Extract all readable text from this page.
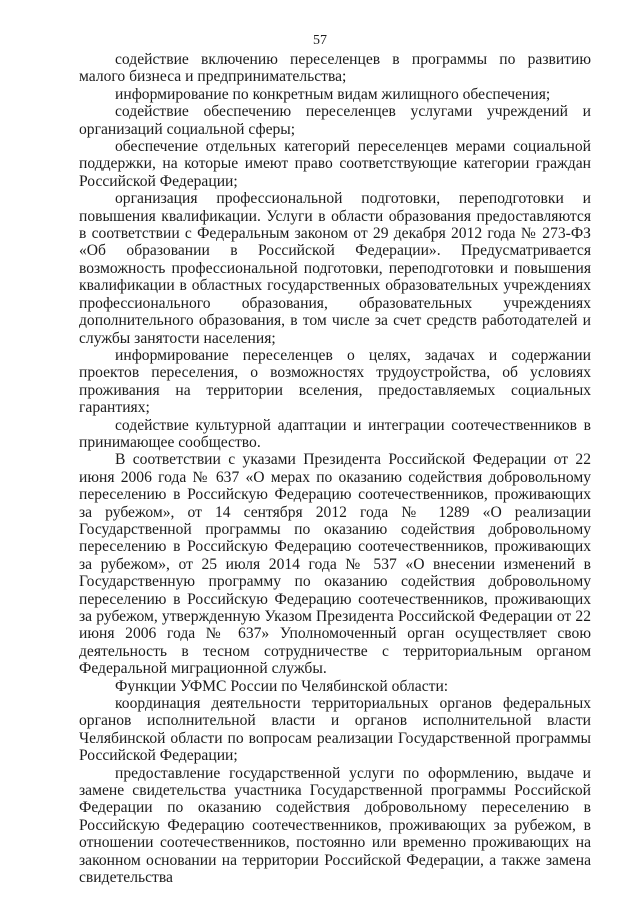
57

содействие включению переселенцев в программы по развитию малого бизнеса и предпринимательства;

информирование по конкретным видам жилищного обеспечения;

содействие обеспечению переселенцев услугами учреждений и организаций социальной сферы;

обеспечение отдельных категорий переселенцев мерами социальной поддержки, на которые имеют право соответствующие категории граждан Российской Федерации;

организация профессиональной подготовки, переподготовки и повышения квалификации. Услуги в области образования предоставляются в соответствии с Федеральным законом от 29 декабря 2012 года № 273-ФЗ «Об образовании в Российской Федерации». Предусматривается возможность профессиональной подготовки, переподготовки и повышения квалификации в областных государственных образовательных учреждениях профессионального образования, образовательных учреждениях дополнительного образования, в том числе за счет средств работодателей и службы занятости населения;

информирование переселенцев о целях, задачах и содержании проектов переселения, о возможностях трудоустройства, об условиях проживания на территории вселения, предоставляемых социальных гарантиях;

содействие культурной адаптации и интеграции соотечественников в принимающее сообщество.

В соответствии с указами Президента Российской Федерации от 22 июня 2006 года № 637 «О мерах по оказанию содействия добровольному переселению в Российскую Федерацию соотечественников, проживающих за рубежом», от 14 сентября 2012 года № 1289 «О реализации Государственной программы по оказанию содействия добровольному переселению в Российскую Федерацию соотечественников, проживающих за рубежом», от 25 июля 2014 года № 537 «О внесении изменений в Государственную программу по оказанию содействия добровольному переселению в Российскую Федерацию соотечественников, проживающих за рубежом, утвержденную Указом Президента Российской Федерации от 22 июня 2006 года № 637» Уполномоченный орган осуществляет свою деятельность в тесном сотрудничестве с территориальным органом Федеральной миграционной службы.

Функции УФМС России по Челябинской области:

координация деятельности территориальных органов федеральных органов исполнительной власти и органов исполнительной власти Челябинской области по вопросам реализации Государственной программы Российской Федерации;

предоставление государственной услуги по оформлению, выдаче и замене свидетельства участника Государственной программы Российской Федерации по оказанию содействия добровольному переселению в Российскую Федерацию соотечественников, проживающих за рубежом, в отношении соотечественников, постоянно или временно проживающих на законном основании на территории Российской Федерации, а также замена свидетельства
